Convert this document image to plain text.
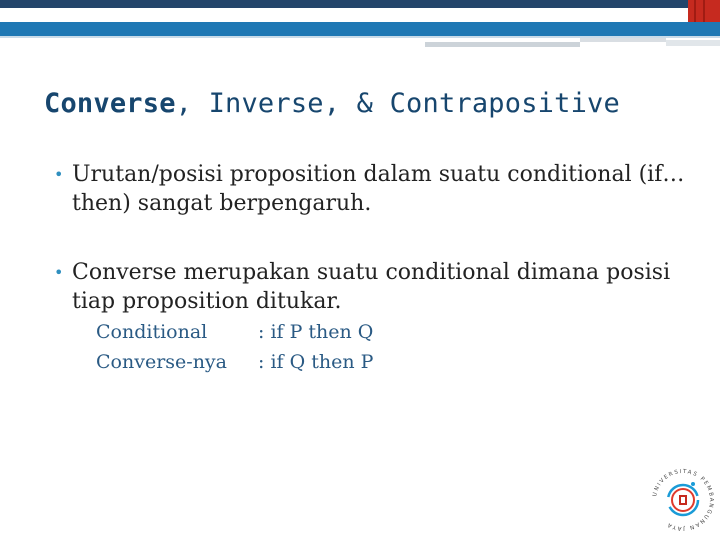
Converse, Inverse, & Contrapositive
• Urutan/posisi proposition dalam suatu conditional (if…then) sangat berpengaruh.
• Converse merupakan suatu conditional dimana posisi tiap proposition ditukar.
Conditional	: if P then Q
Converse-nya : if Q then P
UNIVERSITAS PEMBANGUNAN JAYA
